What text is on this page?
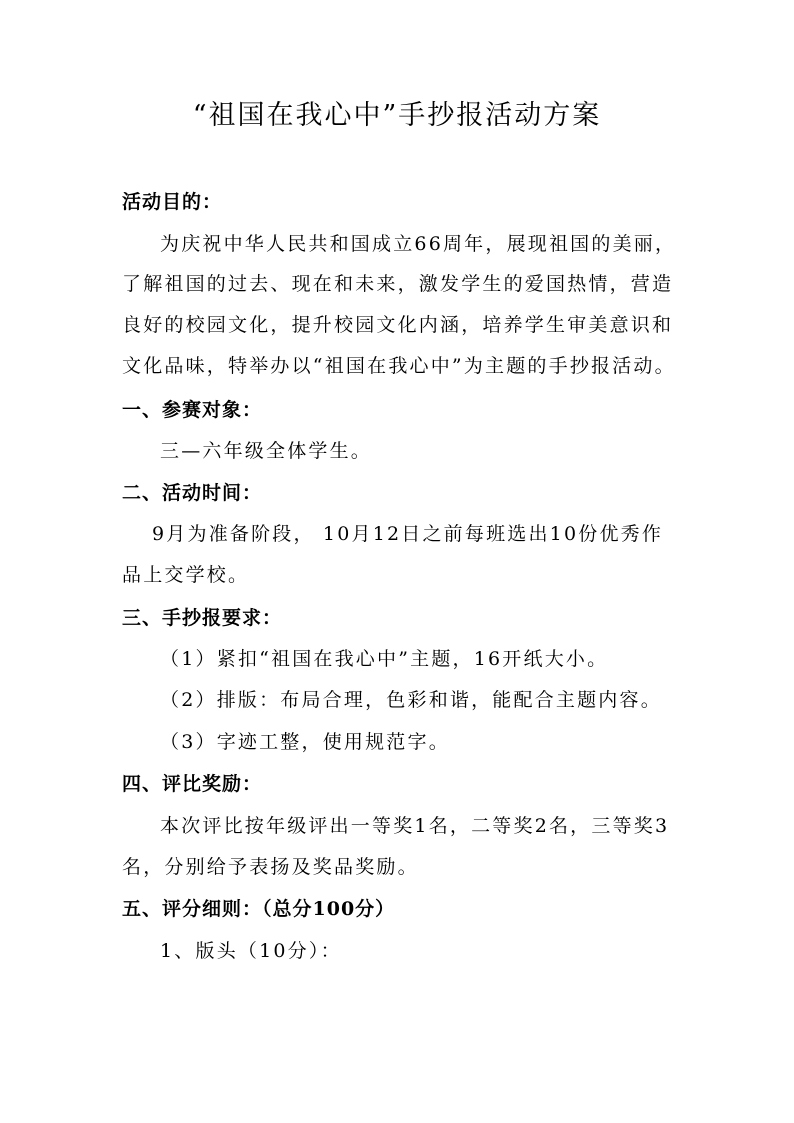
“祖国在我心中”手抄报活动方案
活动目的：
为庆祝中华人民共和国成立66周年，展现祖国的美丽，
了解祖国的过去、现在和未来，激发学生的爱国热情，营造
良好的校园文化，提升校园文化内涵，培养学生审美意识和
文化品味，特举办以“祖国在我心中”为主题的手抄报活动。
一、参赛对象：
三—六年级全体学生。
二、活动时间：
9月为准备阶段， 10月12日之前每班选出10份优秀作
品上交学校。
三、手抄报要求：
（1）紧扣“祖国在我心中”主题，16开纸大小。
（2）排版：布局合理，色彩和谐，能配合主题内容。
（3）字迹工整，使用规范字。
四、评比奖励：
本次评比按年级评出一等奖1名，二等奖2名，三等奖3
名，分别给予表扬及奖品奖励。
五、评分细则：（总分100分）
1、版头（10分）：
